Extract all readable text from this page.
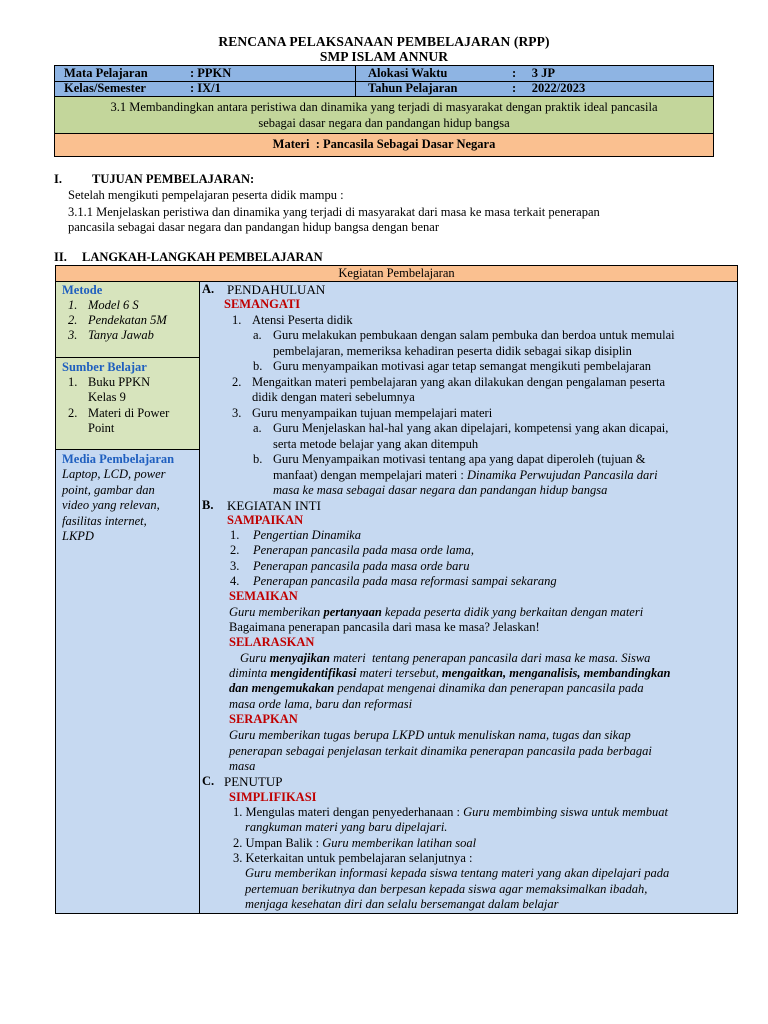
RENCANA PELAKSANAAN PEMBELAJARAN (RPP)
SMP ISLAM ANNUR
Mata Pelajaran	: PPKN
Kelas/Semester	: IX/1
Alokasi Waktu	:     3 JP
Tahun Pelajaran	:     2022/2023
3.1 Membandingkan antara peristiwa dan dinamika yang terjadi di masyarakat dengan praktik ideal pancasila
sebagai dasar negara dan pandangan hidup bangsa
Materi  : Pancasila Sebagai Dasar Negara
I. TUJUAN PEMBELAJARAN:
Setelah mengikuti pempelajaran peserta didik mampu :
3.1.1 Menjelaskan peristiwa dan dinamika yang terjadi di masyarakat dari masa ke masa terkait penerapan
pancasila sebagai dasar negara dan pandangan hidup bangsa dengan benar
II. LANGKAH-LANGKAH PEMBELAJARAN
Kegiatan Pembelajaran
Metode
1. Model 6 S
2. Pendekatan 5M
3. Tanya Jawab
Sumber Belajar
1. Buku PPKN
Kelas 9
2. Materi di Power
Point
Media Pembelajaran
Laptop, LCD, power
point, gambar dan
video yang relevan,
fasilitas internet,
LKPD
A. PENDAHULUAN
SEMANGATI
1. Atensi Peserta didik
a. Guru melakukan pembukaan dengan salam pembuka dan berdoa untuk memulai
pembelajaran, memeriksa kehadiran peserta didik sebagai sikap disiplin
b. Guru menyampaikan motivasi agar tetap semangat mengikuti pembelajaran
2. Mengaitkan materi pembelajaran yang akan dilakukan dengan pengalaman peserta
didik dengan materi sebelumnya
3. Guru menyampaikan tujuan mempelajari materi
a. Guru Menjelaskan hal-hal yang akan dipelajari, kompetensi yang akan dicapai,
serta metode belajar yang akan ditempuh
b. Guru Menyampaikan motivasi tentang apa yang dapat diperoleh (tujuan &
manfaat) dengan mempelajari materi : Dinamika Perwujudan Pancasila dari
masa ke masa sebagai dasar negara dan pandangan hidup bangsa
B. KEGIATAN INTI
SAMPAIKAN
1. Pengertian Dinamika
2. Penerapan pancasila pada masa orde lama,
3. Penerapan pancasila pada masa orde baru
4. Penerapan pancasila pada masa reformasi sampai sekarang
SEMAIKAN
Guru memberikan pertanyaan kepada peserta didik yang berkaitan dengan materi
Bagaimana penerapan pancasila dari masa ke masa? Jelaskan!
SELARASKAN
Guru menyajikan materi  tentang penerapan pancasila dari masa ke masa. Siswa
diminta mengidentifikasi materi tersebut, mengaitkan, menganalisis, membandingkan
dan mengemukakan pendapat mengenai dinamika dan penerapan pancasila pada
masa orde lama, baru dan reformasi
SERAPKAN
Guru memberikan tugas berupa LKPD untuk menuliskan nama, tugas dan sikap
penerapan sebagai penjelasan terkait dinamika penerapan pancasila pada berbagai
masa
C. PENUTUP
SIMPLIFIKASI
1. Mengulas materi dengan penyederhanaan : Guru membimbing siswa untuk membuat
rangkuman materi yang baru dipelajari.
2. Umpan Balik : Guru memberikan latihan soal
3. Keterkaitan untuk pembelajaran selanjutnya :
Guru memberikan informasi kepada siswa tentang materi yang akan dipelajari pada
pertemuan berikutnya dan berpesan kepada siswa agar memaksimalkan ibadah,
menjaga kesehatan diri dan selalu bersemangat dalam belajar
